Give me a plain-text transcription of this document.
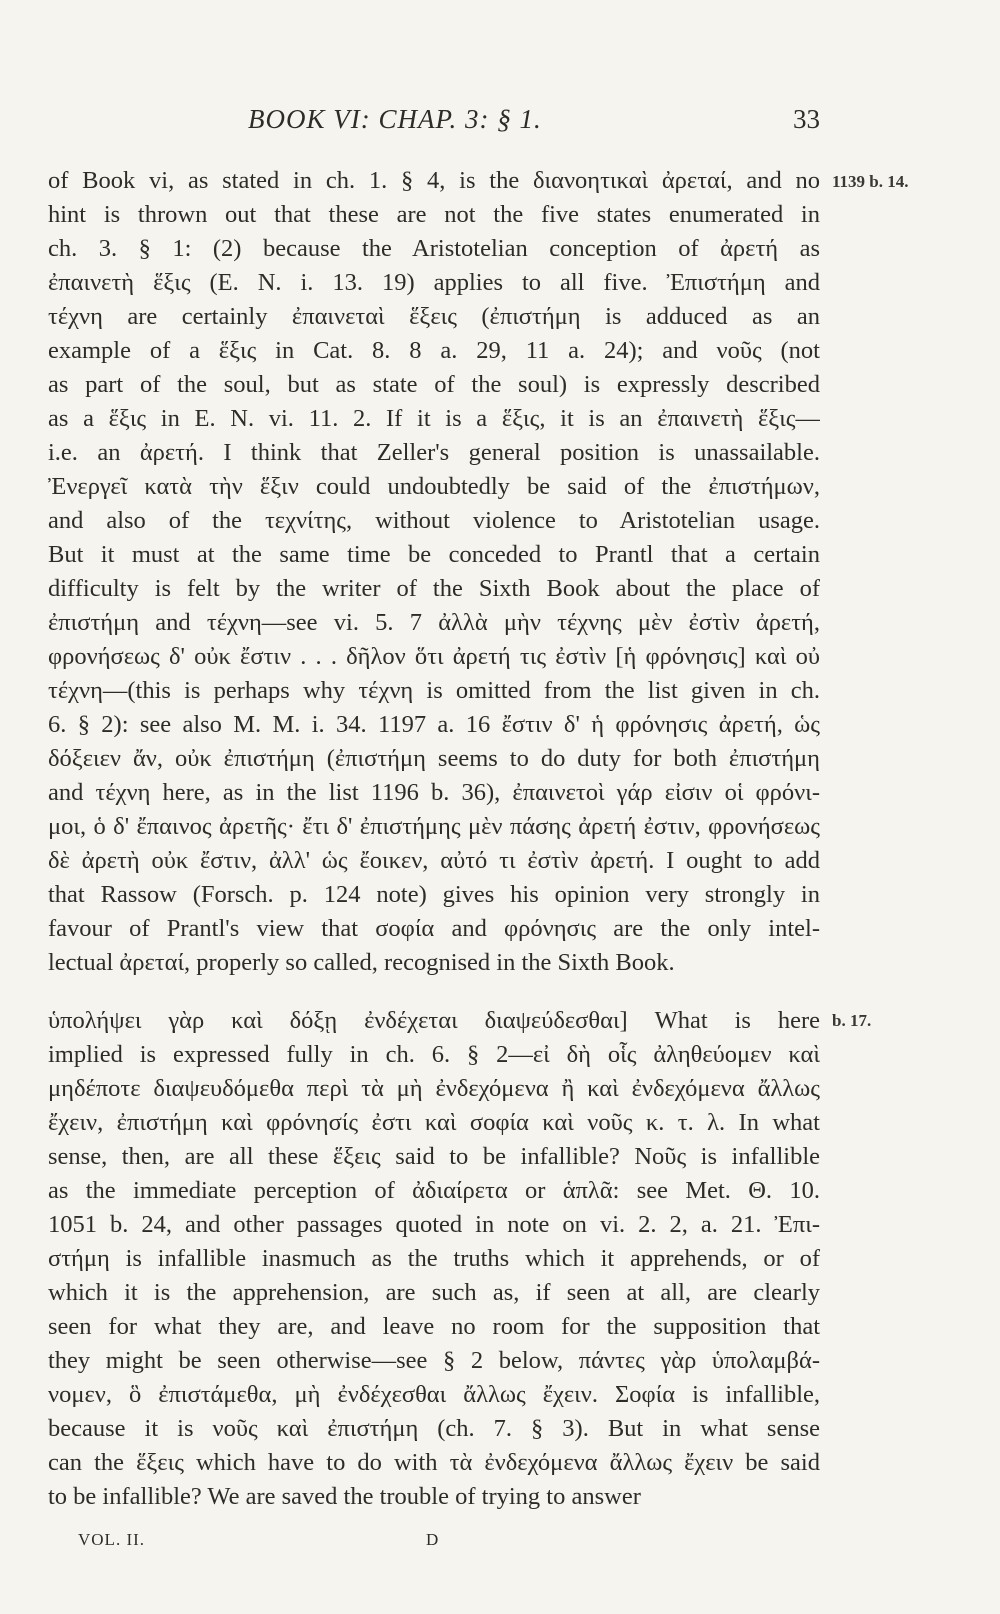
BOOK VI: CHAP. 3: § 1.	33
1139 b. 14.
b. 17.
of Book vi, as stated in ch. 1. § 4, is the διανοητικαὶ ἀρεταί, and no
hint is thrown out that these are not the five states enumerated in
ch. 3. § 1: (2) because the Aristotelian conception of ἀρετή as
ἐπαινετὴ ἕξις (E. N. i. 13. 19) applies to all five. Ἐπιστήμη and
τέχνη are certainly ἐπαινεταὶ ἕξεις (ἐπιστήμη is adduced as an
example of a ἕξις in Cat. 8. 8 a. 29, 11 a. 24); and νοῦς (not
as part of the soul, but as state of the soul) is expressly described
as a ἕξις in E. N. vi. 11. 2. If it is a ἕξις, it is an ἐπαινετὴ ἕξις—
i.e. an ἀρετή. I think that Zeller's general position is unassailable.
Ἐνεργεῖ κατὰ τὴν ἕξιν could undoubtedly be said of the ἐπιστήμων,
and also of the τεχνίτης, without violence to Aristotelian usage.
But it must at the same time be conceded to Prantl that a certain
difficulty is felt by the writer of the Sixth Book about the place of
ἐπιστήμη and τέχνη—see vi. 5. 7 ἀλλὰ μὴν τέχνης μὲν ἐστὶν ἀρετή,
φρονήσεως δ' οὐκ ἔστιν . . . δῆλον ὅτι ἀρετή τις ἐστὶν [ἡ φρόνησις] καὶ οὐ
τέχνη—(this is perhaps why τέχνη is omitted from the list given in ch.
6. § 2): see also M. M. i. 34. 1197 a. 16 ἔστιν δ' ἡ φρόνησις ἀρετή, ὡς
δόξειεν ἄν, οὐκ ἐπιστήμη (ἐπιστήμη seems to do duty for both ἐπιστήμη
and τέχνη here, as in the list 1196 b. 36), ἐπαινετοὶ γάρ εἰσιν οἱ φρόνι-
μοι, ὁ δ' ἔπαινος ἀρετῆς· ἔτι δ' ἐπιστήμης μὲν πάσης ἀρετή ἐστιν, φρονήσεως
δὲ ἀρετὴ οὐκ ἔστιν, ἀλλ' ὡς ἔοικεν, αὐτό τι ἐστὶν ἀρετή. I ought to add
that Rassow (Forsch. p. 124 note) gives his opinion very strongly in
favour of Prantl's view that σοφία and φρόνησις are the only intel-
lectual ἀρεταί, properly so called, recognised in the Sixth Book.
ὑπολήψει γὰρ καὶ δόξῃ ἐνδέχεται διαψεύδεσθαι] What is here
implied is expressed fully in ch. 6. § 2—εἰ δὴ οἷς ἀληθεύομεν καὶ
μηδέποτε διαψευδόμεθα περὶ τὰ μὴ ἐνδεχόμενα ἢ καὶ ἐνδεχόμενα ἄλλως
ἔχειν, ἐπιστήμη καὶ φρόνησίς ἐστι καὶ σοφία καὶ νοῦς κ. τ. λ. In what
sense, then, are all these ἕξεις said to be infallible? Νοῦς is infallible
as the immediate perception of ἀδιαίρετα or ἁπλᾶ: see Met. Θ. 10.
1051 b. 24, and other passages quoted in note on vi. 2. 2, a. 21. Ἐπι-
στήμη is infallible inasmuch as the truths which it apprehends, or of
which it is the apprehension, are such as, if seen at all, are clearly
seen for what they are, and leave no room for the supposition that
they might be seen otherwise—see § 2 below, πάντες γὰρ ὑπολαμβά-
νομεν, ὃ ἐπιστάμεθα, μὴ ἐνδέχεσθαι ἄλλως ἔχειν. Σοφία is infallible,
because it is νοῦς καὶ ἐπιστήμη (ch. 7. § 3). But in what sense
can the ἕξεις which have to do with τὰ ἐνδεχόμενα ἄλλως ἔχειν be said
to be infallible? We are saved the trouble of trying to answer
VOL. II.	D
